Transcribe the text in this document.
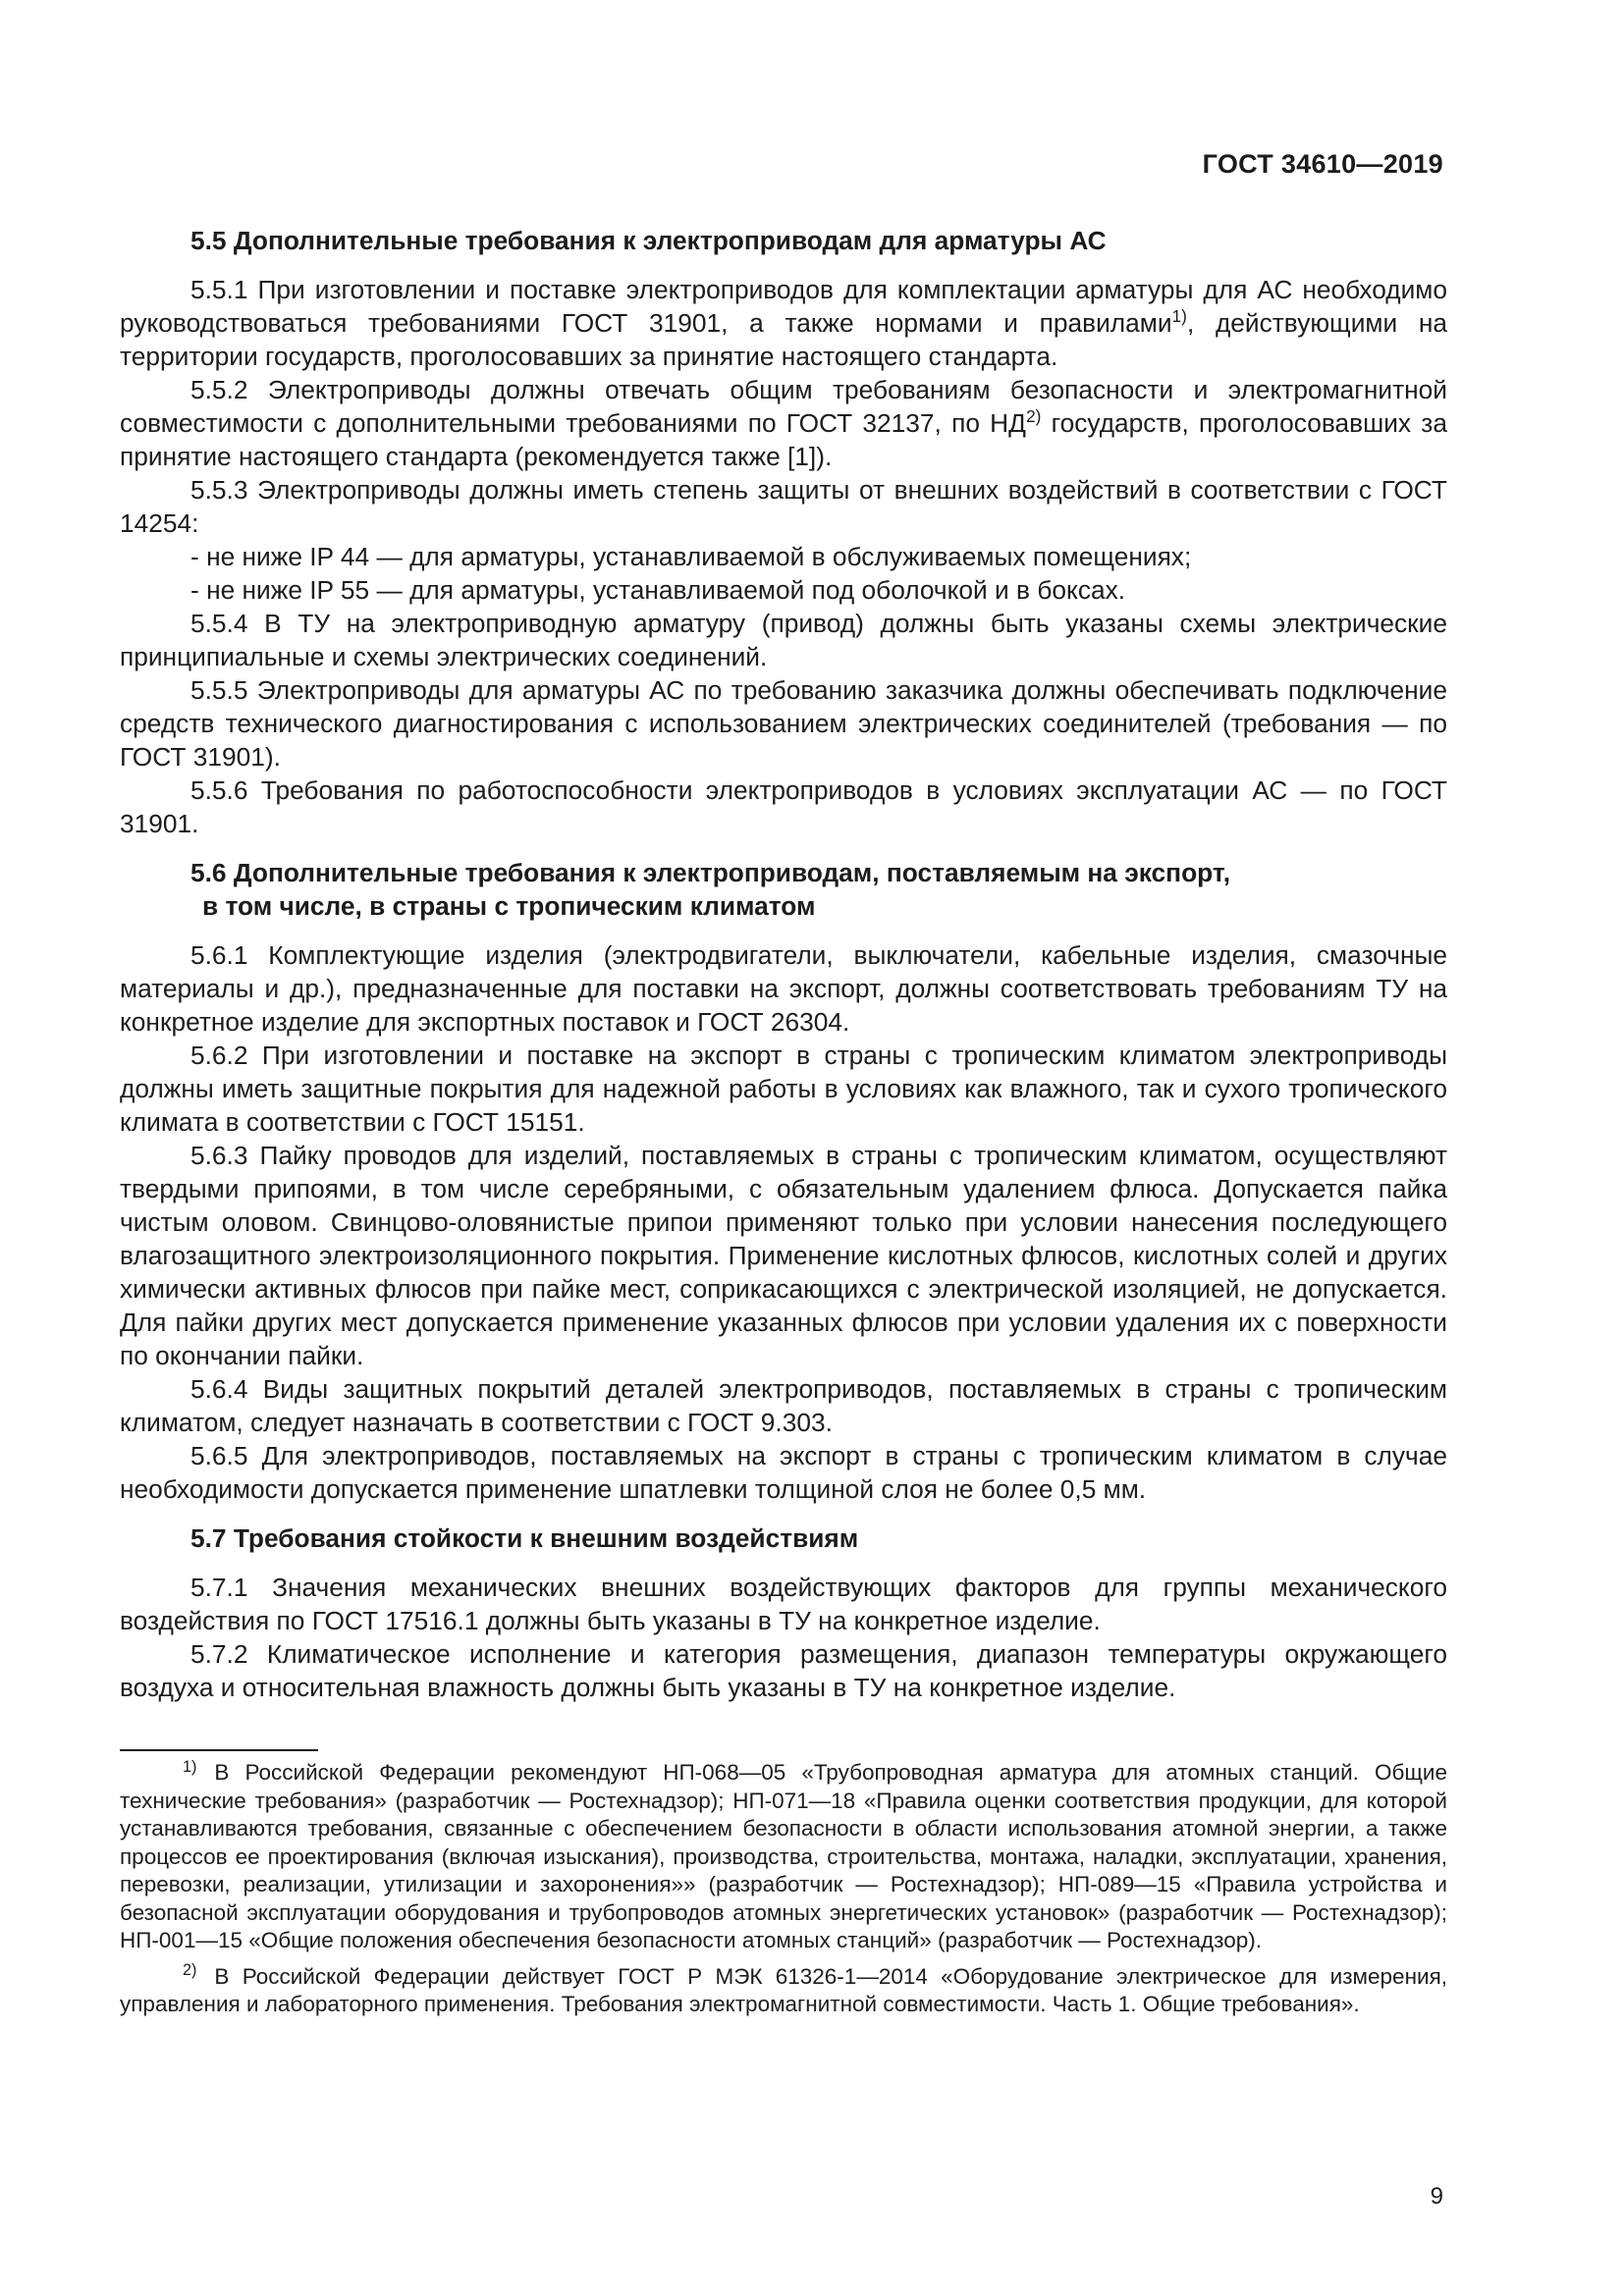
ГОСТ 34610—2019
5.5 Дополнительные требования к электроприводам для арматуры АС

5.5.1 При изготовлении и поставке электроприводов для комплектации арматуры для АС необходимо руководствоваться требованиями ГОСТ 31901, а также нормами и правилами$^{1)}$, действующими на территории государств, проголосовавших за принятие настоящего стандарта.

5.5.2 Электроприводы должны отвечать общим требованиям безопасности и электромагнитной совместимости с дополнительными требованиями по ГОСТ 32137, по НД$^{2)}$ государств, проголосовавших за принятие настоящего стандарта (рекомендуется также [1]).

5.5.3 Электроприводы должны иметь степень защиты от внешних воздействий в соответствии с ГОСТ 14254:

- не ниже IP 44 — для арматуры, устанавливаемой в обслуживаемых помещениях;

- не ниже IP 55 — для арматуры, устанавливаемой под оболочкой и в боксах.

5.5.4 В ТУ на электроприводную арматуру (привод) должны быть указаны схемы электрические принципиальные и схемы электрических соединений.

5.5.5 Электроприводы для арматуры АС по требованию заказчика должны обеспечивать подключение средств технического диагностирования с использованием электрических соединителей (требования — по ГОСТ 31901).

5.5.6 Требования по работоспособности электроприводов в условиях эксплуатации АС — по ГОСТ 31901.

5.6 Дополнительные требования к электроприводам, поставляемым на экспорт,
в том числе, в страны с тропическим климатом

5.6.1 Комплектующие изделия (электродвигатели, выключатели, кабельные изделия, смазочные материалы и др.), предназначенные для поставки на экспорт, должны соответствовать требованиям ТУ на конкретное изделие для экспортных поставок и ГОСТ 26304.

5.6.2 При изготовлении и поставке на экспорт в страны с тропическим климатом электроприводы должны иметь защитные покрытия для надежной работы в условиях как влажного, так и сухого тропического климата в соответствии с ГОСТ 15151.

5.6.3 Пайку проводов для изделий, поставляемых в страны с тропическим климатом, осуществляют твердыми припоями, в том числе серебряными, с обязательным удалением флюса. Допускается пайка чистым оловом. Свинцово-оловянистые припои применяют только при условии нанесения последующего влагозащитного электроизоляционного покрытия. Применение кислотных флюсов, кислотных солей и других химически активных флюсов при пайке мест, соприкасающихся с электрической изоляцией, не допускается. Для пайки других мест допускается применение указанных флюсов при условии удаления их с поверхности по окончании пайки.

5.6.4 Виды защитных покрытий деталей электроприводов, поставляемых в страны с тропическим климатом, следует назначать в соответствии с ГОСТ 9.303.

5.6.5 Для электроприводов, поставляемых на экспорт в страны с тропическим климатом в случае необходимости допускается применение шпатлевки толщиной слоя не более 0,5 мм.

5.7 Требования стойкости к внешним воздействиям

5.7.1 Значения механических внешних воздействующих факторов для группы механического воздействия по ГОСТ 17516.1 должны быть указаны в ТУ на конкретное изделие.

5.7.2 Климатическое исполнение и категория размещения, диапазон температуры окружающего воздуха и относительная влажность должны быть указаны в ТУ на конкретное изделие.

$^{1)}$ В Российской Федерации рекомендуют НП-068—05 «Трубопроводная арматура для атомных станций. Общие технические требования» (разработчик — Ростехнадзор); НП-071—18 «Правила оценки соответствия продукции, для которой устанавливаются требования, связанные с обеспечением безопасности в области использования атомной энергии, а также процессов ее проектирования (включая изыскания), производства, строительства, монтажа, наладки, эксплуатации, хранения, перевозки, реализации, утилизации и захоронения»» (разработчик — Ростехнадзор); НП-089—15 «Правила устройства и безопасной эксплуатации оборудования и трубопроводов атомных энергетических установок» (разработчик — Ростехнадзор); НП-001—15 «Общие положения обеспечения безопасности атомных станций» (разработчик — Ростехнадзор).

$^{2)}$ В Российской Федерации действует ГОСТ Р МЭК 61326-1—2014 «Оборудование электрическое для измерения, управления и лабораторного применения. Требования электромагнитной совместимости. Часть 1. Общие требования».

9
